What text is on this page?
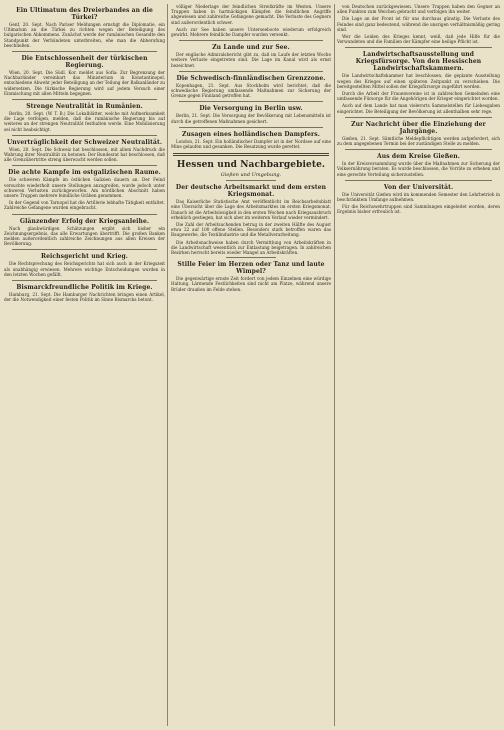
Ein Ultimatum des Dreierbandes an die Türkei?

Genf, 20. Sept. Nach Pariser Meldungen ernstigt die Diplomatie, ein Ultimatum an die Türkei zu richten wegen der Beteiligung des bulgarischen Abkommens. Zunächst werde der rumänischen Gesandte den Standpunkt der Verbündeten unterbreiten, ehe man die Abberufung beschließen.

Die Entschlossenheit der türkischen Regierung.

Wien, 20. Sept. Die Südl. Kor. meldet aus Sofia: Zur Begrenzung der Nachbarländer vereinbart das Ministerium in Konstantinopel, entschiedene Abwehr jeder Beteiligung an der Teilung der Balkanländer zu widersetzen. Die türkische Regierung wird auf jedem Versuch einer Einmischung mit allen Mitteln begegnen.

Strenge Neutralität in Rumänien.

Berlin, 20. Sept. (W. T. B.) Die Lokalblätter, welche mit Aufmerksamkeit die Lage verfolgen, melden, daß die rumänische Regierung bis auf weiteres an der strengen Neutralität festhalten werde. Eine Mobilisierung sei nicht beabsichtigt.

Unverträglichkeit der Schweizer Neutralität.

Wien, 20. Sept. Die Schweiz hat beschlossen, mit allem Nachdruck die Wahrung ihrer Neutralität zu betonen. Der Bundesrat hat beschlossen, daß alle Grenzübertritte streng überwacht werden sollen.

Die achte Kampfe im ostgalizischen Raume.

Die schweren Kämpfe im östlichen Galizien dauern an. Der Feind versuchte wiederholt unsere Stellungen anzugreifen, wurde jedoch unter schweren Verlusten zurückgeworfen. Am nördlichen Abschnitt haben unsere Truppen mehrere feindliche Gräben genommen.

In der Gegend von Tarnopol hat die Artillerie lebhafte Tätigkeit entfaltet. Zahlreiche Gefangene wurden eingebracht.

Glänzender Erfolg der Kriegsanleihe.

Nach glaubwürdigen Schätzungen ergibt sich bisher ein Zeichnungsergebnis, das alle Erwartungen übertrifft. Die großen Banken melden außerordentlich zahlreiche Zeichnungen aus allen Kreisen der Bevölkerung.

Reichsgericht und Krieg.

Die Rechtsprechung des Reichsgerichts hat sich auch in der Kriegszeit als unabhängig erwiesen. Mehrere wichtige Entscheidungen wurden in den letzten Wochen gefällt.

Bismarckfreundliche Politik im Kriege.

Hamburg, 21. Sept. Die Hamburger Nachrichten bringen einen Artikel, der die Notwendigkeit einer festen Politik im Sinne Bismarcks betont.

völliger Niederlage der feindlichen Streitkräfte im Westen. Unsere Truppen haben in hartnäckigen Kämpfen die feindlichen Angriffe abgewiesen und zahlreiche Gefangene gemacht. Die Verluste des Gegners sind außerordentlich schwer.

Auch zur See haben unsere Unterseeboote wiederum erfolgreich gewirkt. Mehrere feindliche Dampfer wurden versenkt.

Zu Lande und zur See.

Der englische Admiralsbericht gibt zu, daß im Laufe der letzten Woche weitere Verluste eingetreten sind. Die Lage im Kanal wird als ernst bezeichnet.

Die Schwedisch-finnländischen Grenzzone.

Kopenhagen, 21. Sept. Aus Stockholm wird berichtet, daß die schwedische Regierung umfassende Maßnahmen zur Sicherung der Grenze gegen Finnland getroffen hat.

Die Versorgung in Berlin usw.

Berlin, 21. Sept. Die Versorgung der Bevölkerung mit Lebensmitteln ist durch die getroffenen Maßnahmen gesichert.

Zusagen eines holländischen Dampfers.

London, 21. Sept. Ein holländischer Dampfer ist in der Nordsee auf eine Mine gelaufen und gesunken. Die Besatzung wurde gerettet.

Hessen und Nachbargebiete.
Gießen und Umgebung.
Der deutsche Arbeitsmarkt und dem ersten Kriegsmonat.

Das Kaiserliche Statistische Amt veröffentlicht im Reichsarbeitsblatt eine Übersicht über die Lage des Arbeitsmarktes im ersten Kriegsmonat. Danach ist die Arbeitslosigkeit in den ersten Wochen nach Kriegsausbruch erheblich gestiegen, hat sich aber im weiteren Verlauf wieder vermindert.

Die Zahl der Arbeitsuchenden betrug in der zweiten Hälfte des August etwa 22 auf 100 offene Stellen. Besonders stark betroffen waren das Baugewerbe, die Textilindustrie und die Metallverarbeitung.

Die Arbeitsnachweise haben durch Vermittlung von Arbeitskräften in die Landwirtschaft wesentlich zur Entlastung beigetragen. In zahlreichen Bezirken herrscht bereits wieder Mangel an Arbeitskräften.

Stille Feier im Herzen oder Tanz und laute Wimpel?

Die gegenwärtige ernste Zeit fordert von jedem Einzelnen eine würdige Haltung. Lärmende Festlichkeiten sind nicht am Platze, während unsere Brüder draußen im Felde stehen.

von Deutschen zurückgewiesen. Unsere Truppen haben den Gegner an allen Punkten zum Weichen gebracht und verfolgen ihn weiter.

Die Lage an der Front ist für uns durchaus günstig. Die Verluste des Feindes sind ganz bedeutend, während die unsrigen verhältnismäßig gering sind.

Wer die Leiden des Krieges kennt, weiß, daß jede Hilfe für die Verwundeten und die Familien der Kämpfer eine heilige Pflicht ist.

Landwirtschaftsausstellung und Kriegsfürsorge. Von den Hessischen Landwirtschaftskammern.

Die Landwirtschaftskammer hat beschlossen, die geplante Ausstellung wegen des Krieges auf einen späteren Zeitpunkt zu verschieben. Die bereitgestellten Mittel sollen der Kriegsfürsorge zugeführt werden.

Durch die Arbeit der Frauenvereine ist in zahlreichen Gemeinden eine umfassende Fürsorge für die Angehörigen der Krieger eingerichtet worden.

Auch auf dem Lande hat man vielerorts Sammelstellen für Liebesgaben eingerichtet. Die Beteiligung der Bevölkerung ist allenthalben sehr rege.

Zur Nachricht über die Einziehung der Jahrgänge.

Gießen, 21. Sept. Sämtliche Meldepflichtigen werden aufgefordert, sich zu dem angegebenen Termin bei der zuständigen Stelle zu melden.

Aus dem Kreise Gießen.

In der Kreisversammlung wurde über die Maßnahmen zur Sicherung der Volksernährung beraten. Es wurde beschlossen, die Vorräte zu erheben und eine gerechte Verteilung sicherzustellen.

Von der Universität.

Die Universität Gießen wird im kommenden Semester den Lehrbetrieb in beschränktem Umfange aufnehmen.

Für die Reichswehrtruppen sind Sammlungen eingeleitet worden, deren Ergebnis bisher erfreulich ist.
